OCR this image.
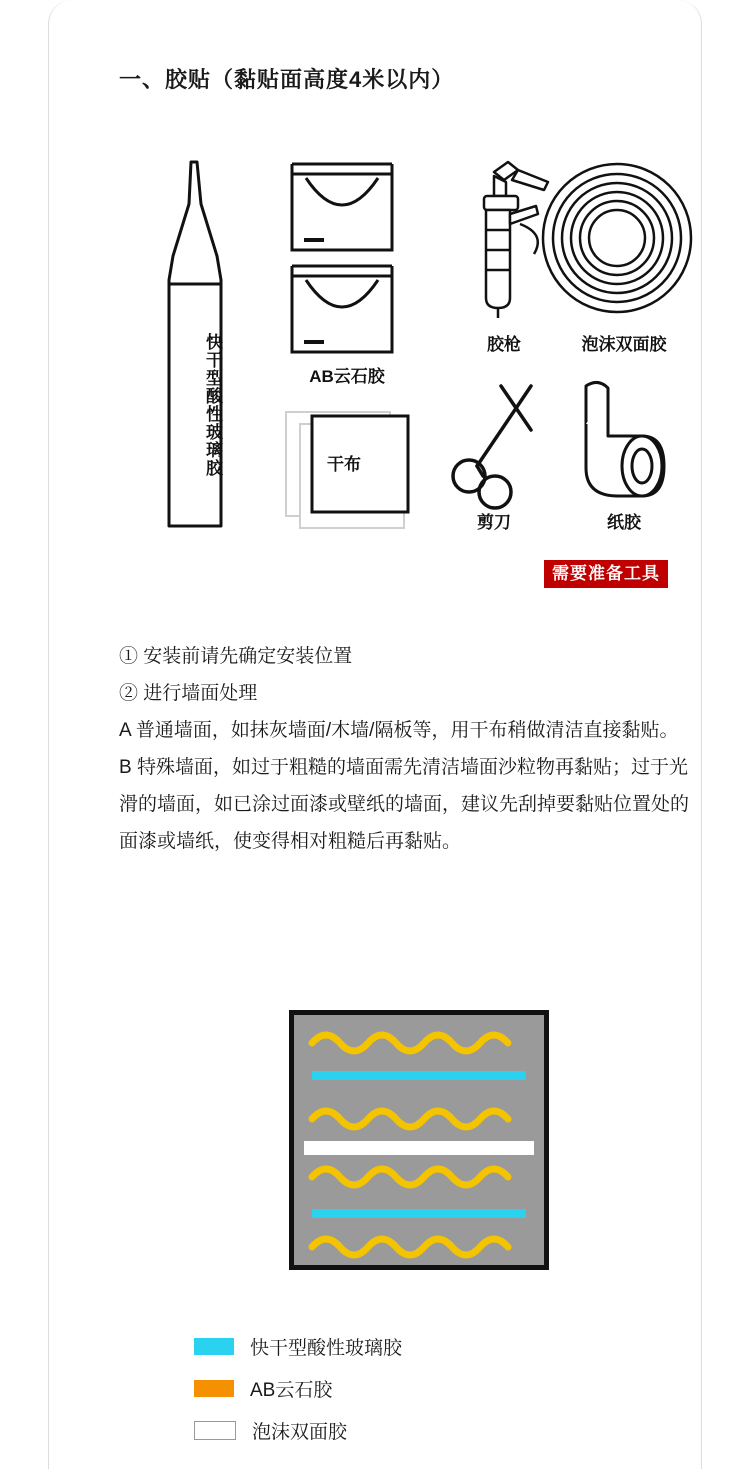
一、胶贴（黏贴面高度4米以内）
快干型酸性玻璃胶	AB云石胶
干布
胶枪	泡沫双面胶
剪刀	纸胶
需要准备工具
① 安装前请先确定安装位置
② 进行墙面处理
A 普通墙面，如抹灰墙面/木墙/隔板等，用干布稍做清洁直接黏贴。
B 特殊墙面，如过于粗糙的墙面需先清洁墙面沙粒物再黏贴；过于光滑的墙面，如已涂过面漆或壁纸的墙面，建议先刮掉要黏贴位置处的面漆或墙纸，使变得相对粗糙后再黏贴。
快干型酸性玻璃胶
AB云石胶
泡沫双面胶
